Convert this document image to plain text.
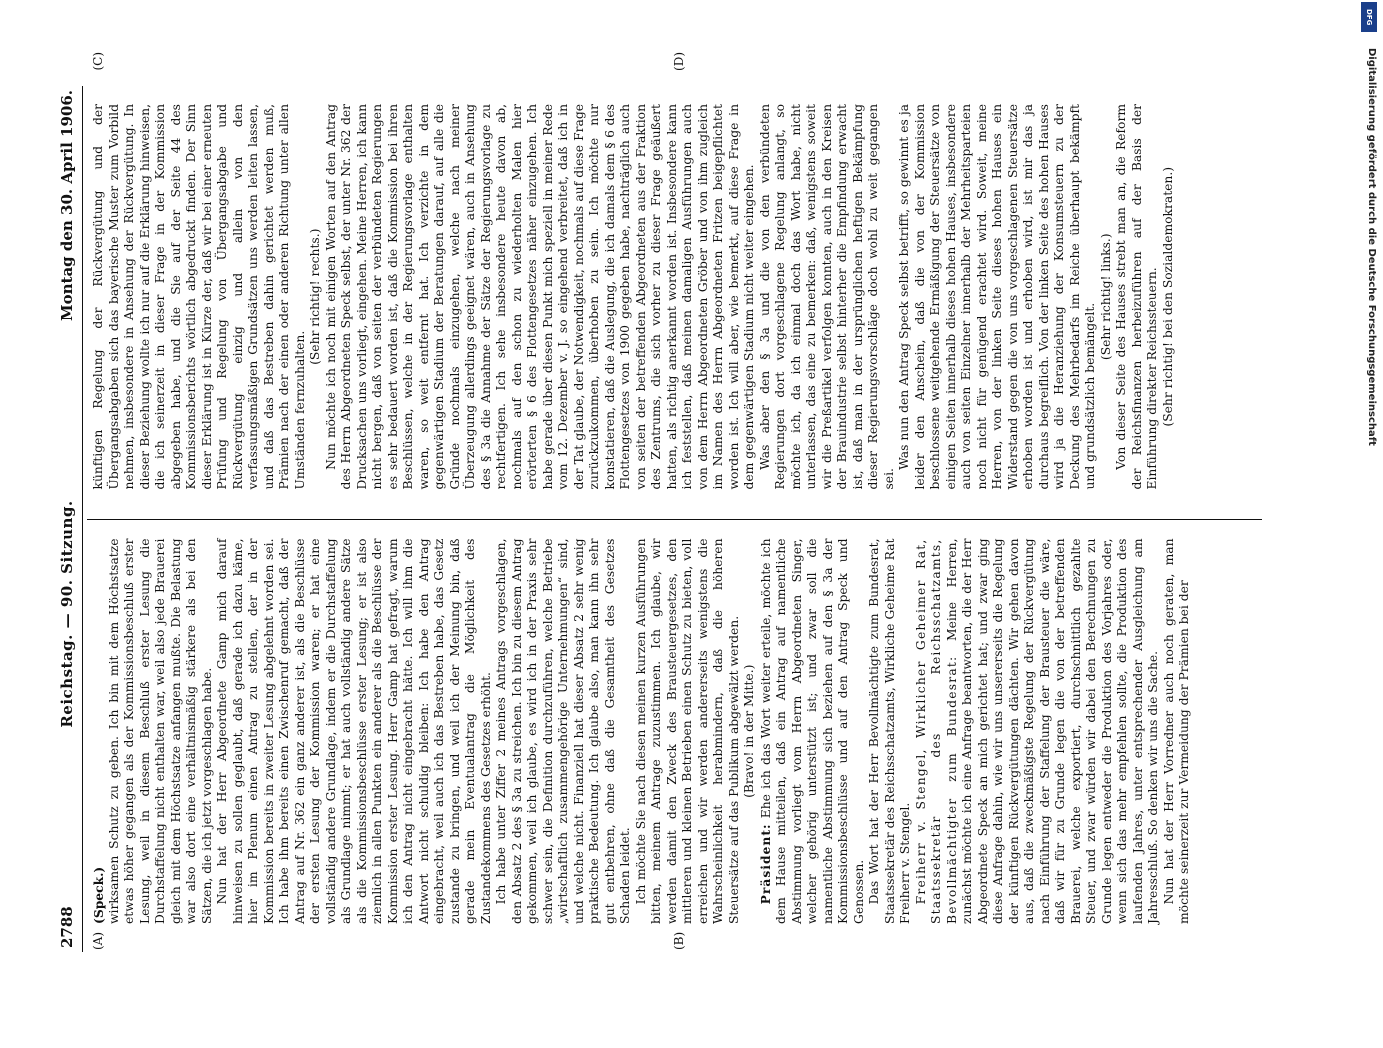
2788
Reichstag. — 90. Sitzung.
Montag den 30. April 1906.
(A)	(B)
(C)	(D)

(Speck.) wirksamen Schutz zu geben. Ich bin mit dem Höchstsatze etwas höher gegangen als der Kommissionsbeschluß erster Lesung, weil in diesem Beschluß erster Lesung die Durchstaffelung nicht enthalten war, weil also jede Brauerei gleich mit dem Höchstsatze anfangen mußte. Die Belastung war also dort eine verhältnismäßig stärkere als bei den Sätzen, die ich jetzt vorgeschlagen habe. Nun hat der Herr Abgeordnete Gamp mich darauf hinweisen zu sollen geglaubt, daß gerade ich dazu käme, hier im Plenum einen Antrag zu stellen, der in der Kommission bereits in zweiter Lesung abgelehnt worden sei. Ich habe ihm bereits einen Zwischenruf gemacht, daß der Antrag auf Nr. 362 ein ganz anderer ist, als die Beschlüsse der ersten Lesung der Kommission waren; er hat eine vollständig andere Grundlage, indem er die Durchstaffelung als Grundlage nimmt; er hat auch vollständig andere Sätze als die Kommissionsbeschlüsse erster Lesung; er ist also ziemlich in allen Punkten ein anderer als die Beschlüsse der Kommission erster Lesung. Herr Gamp hat gefragt, warum ich den Antrag nicht eingebracht hätte. Ich will ihm die Antwort nicht schuldig bleiben: Ich habe den Antrag eingebracht, weil auch ich das Bestreben habe, das Gesetz zustande zu bringen, und weil ich der Meinung bin, daß gerade mein Eventualantrag die Möglichkeit des Zustandekommens des Gesetzes erhöht. Ich habe unter Ziffer 2 meines Antrags vorgeschlagen, den Absatz 2 des § 3a zu streichen. Ich bin zu diesem Antrag gekommen, weil ich glaube, es wird ich in der Praxis sehr schwer sein, die Definition durchzuführen, welche Betriebe „wirtschaftlich zusammengehörige Unternehmungen“ sind, und welche nicht. Finanziell hat dieser Absatz 2 sehr wenig praktische Bedeutung. Ich glaube also, man kann ihn sehr gut entbehren, ohne daß die Gesamtheit des Gesetzes Schaden leidet. Ich möchte Sie nach diesen meinen kurzen Ausführungen bitten, meinem Antrage zuzustimmen. Ich glaube, wir werden damit den Zweck des Brausteuergesetzes, den mittleren und kleinen Betrieben einen Schutz zu bieten, voll erreichen und wir werden andererseits wenigstens die Wahrscheinlichkeit herabmindern, daß die höheren Steuersätze auf das Publikum abgewälzt werden. (Bravo! in der Mitte.)

Präsident: Ehe ich das Wort weiter erteile, möchte ich dem Hause mitteilen, daß ein Antrag auf namentliche Abstimmung vorliegt vom Herrn Abgeordneten Singer, welcher gehörig unterstützt ist; und zwar soll die namentliche Abstimmung sich beziehen auf den § 3a der Kommissionsbeschlüsse und auf den Antrag Speck und Genossen. Das Wort hat der Herr Bevollmächtigte zum Bundesrat, Staatssekretär des Reichsschatzamts, Wirkliche Geheime Rat Freiherr v. Stengel. Freiherr v. Stengel, Wirklicher Geheimer Rat, Staatssekretär des Reichsschatzamts, Bevollmächtigter zum Bundesrat: Meine Herren, zunächst möchte ich eine Anfrage beantworten, die der Herr Abgeordnete Speck an mich gerichtet hat; und zwar ging diese Anfrage dahin, wie wir uns unsererseits die Regelung der künftigen Rückvergütungen dächten. Wir gehen davon aus, daß die zweckmäßigste Regelung der Rückvergütung nach Einführung der Staffelung der Brausteuer die wäre, daß wir für zu Grunde legen die von der betreffenden Brauerei, welche exportiert, durchschnittlich gezahlte Steuer, und zwar würden wir dabei den Berechnungen zu Grunde legen entweder die Produktion des Vorjahres oder, wenn sich das mehr empfehlen sollte, die Produktion des laufenden Jahres, unter entsprechender Ausgleichung am Jahresschluß. So denken wir uns die Sache. Nun hat der Herr Vorredner auch noch geraten, man möchte seinerzeit zur Vermeidung der Prämien bei der

künftigen Regelung der Rückvergütung und der Übergangsabgaben sich das bayerische Muster zum Vorbild nehmen, insbesondere in Ansehung der Rückvergütung. In dieser Beziehung wollte ich nur auf die Erklärung hinweisen, die ich seinerzeit in dieser Frage in der Kommission abgegeben habe, und die Sie auf der Seite 44 des Kommissionsberichts wörtlich abgedruckt finden. Der Sinn dieser Erklärung ist in Kürze der, daß wir bei einer erneuten Prüfung und Regelung von Übergangsabgabe und Rückvergütung einzig und allein von den verfassungsmäßigen Grundsätzen uns werden leiten lassen, und daß das Bestreben dahin gerichtet werden muß, Prämien nach der einen oder anderen Richtung unter allen Umständen fernzuhalten.

(Sehr richtig! rechts.) Nun möchte ich noch mit einigen Worten auf den Antrag des Herrn Abgeordneten Speck selbst, der unter Nr. 362 der Drucksachen uns vorliegt, eingehen. Meine Herren, ich kann nicht bergen, daß von seiten der verbündeten Regierungen es sehr bedauert worden ist, daß die Kommission bei ihren Beschlüssen, welche in der Regierungsvorlage enthalten waren, so weit entfernt hat. Ich verzichte in dem gegenwärtigen Stadium der Beratungen darauf, auf alle die Gründe nochmals einzugehen, welche nach meiner Überzeugung allerdings geeignet wären, auch in Ansehung des § 3a die Annahme der Sätze der Regierungsvorlage zu rechtfertigen. Ich sehe insbesondere heute davon ab, nochmals auf den schon zu wiederholten Malen hier erörterten § 6 des Flottengesetzes näher einzugehen. Ich habe gerade über diesen Punkt mich speziell in meiner Rede vom 12. Dezember v. J. so eingehend verbreitet, daß ich in der Tat glaube, der Notwendigkeit, nochmals auf diese Frage zurückzukommen, überhoben zu sein. Ich möchte nur konstatieren, daß die Auslegung, die ich damals dem § 6 des Flottengesetzes von 1900 gegeben habe, nachträglich auch von seiten der betreffenden Abgeordneten aus der Fraktion des Zentrums, die sich vorher zu dieser Frage geäußert hatten, als richtig anerkannt worden ist. Insbesondere kann ich feststellen, daß meinen damaligen Ausführungen auch von dem Herrn Abgeordneten Gröber und von ihm zugleich im Namen des Herrn Abgeordneten Fritzen beigepflichtet worden ist. Ich will aber, wie bemerkt, auf diese Frage in dem gegenwärtigen Stadium nicht weiter eingehen. Was aber den § 3a und die von den verbündeten Regierungen dort vorgeschlagene Regelung anlangt, so möchte ich, da ich einmal doch das Wort habe, nicht unterlassen, das eine zu bemerken: daß, wenigstens soweit wir die Preßartikel verfolgen konnten, auch in den Kreisen der Brauindustrie selbst hinterher die Empfindung erwacht ist, daß man in der ursprünglichen heftigen Bekämpfung dieser Regierungsvorschläge doch wohl zu weit gegangen sei.

Was nun den Antrag Speck selbst betrifft, so gewinnt es ja leider den Anschein, daß die von der Kommission beschlossene weitgehende Ermäßigung der Steuersätze von einigen Seiten innerhalb dieses hohen Hauses, insbesondere auch von seiten Einzelner innerhalb der Mehrheitsparteien noch nicht für genügend erachtet wird. Soweit, meine Herren, von der linken Seite dieses hohen Hauses ein Widerstand gegen die von uns vorgeschlagenen Steuersätze erhoben worden ist und erhoben wird, ist mir das ja durchaus begreiflich. Von der linken Seite des hohen Hauses wird ja die Heranziehung der Konsumsteuern zu der Deckung des Mehrbedarfs im Reiche überhaupt bekämpft und grundsätzlich bemängelt.

(Sehr richtig! links.) Von dieser Seite des Hauses strebt man an, die Reform der Reichsfinanzen herbeizuführen auf der Basis der Einführung direkter Reichssteuern. (Sehr richtig! bei den Sozialdemokraten.)

DFG
Digitalisierung gefördert durch die Deutsche Forschungsgemeinschaft
